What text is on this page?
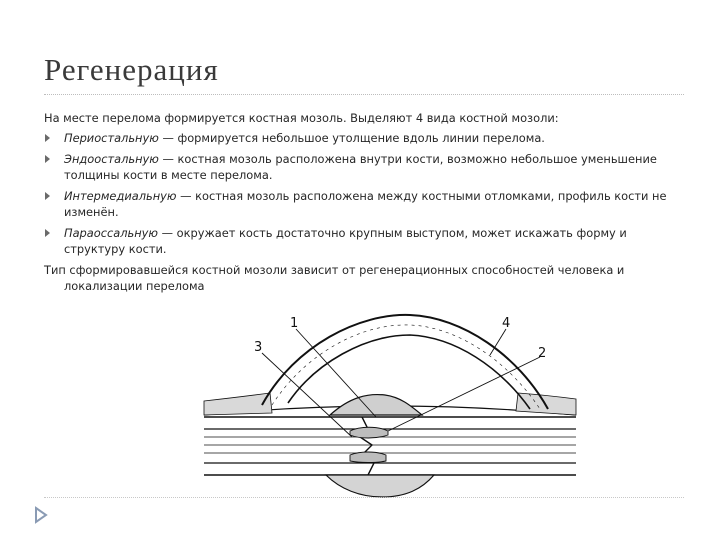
Регенерация

На месте перелома формируется костная мозоль. Выделяют 4 вида костной мозоли:

Периостальную — формируется небольшое утолщение вдоль линии перелома.
Эндоостальную — костная мозоль расположена внутри кости, возможно небольшое уменьшение толщины кости в месте перелома.
Интермедиальную — костная мозоль расположена между костными отломками, профиль кости не изменён.
Параоссальную — окружает кость достаточно крупным выступом, может искажать форму и структуру кости.

Тип сформировавшейся костной мозоли зависит от регенерационных способностей человека и локализации перелома

1
2
3
4
